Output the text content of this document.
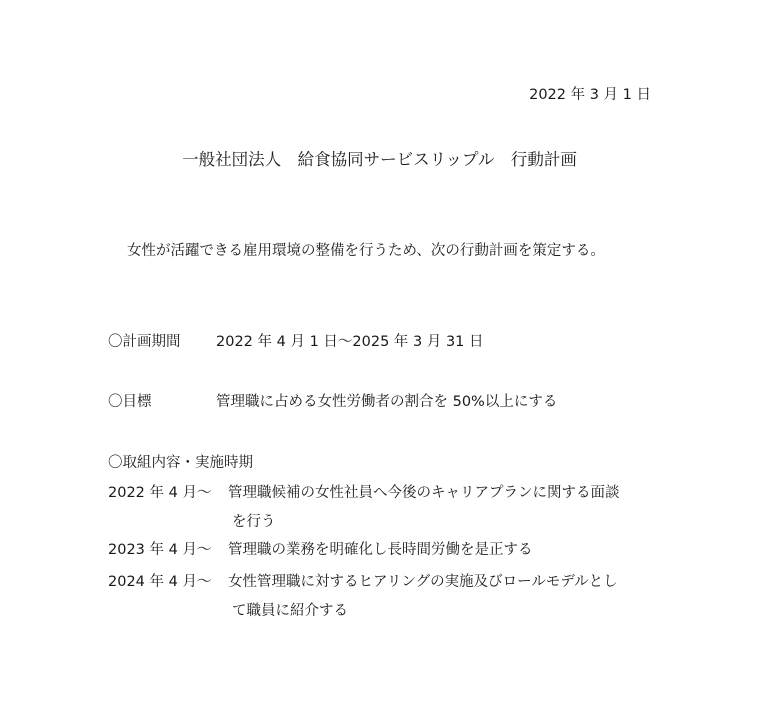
2022 年 3 月 1 日
一般社団法人　給食協同サービスリップル　行動計画
女性が活躍できる雇用環境の整備を行うため、次の行動計画を策定する。
〇計画期間 2022 年 4 月 1 日～2025 年 3 月 31 日
〇目標	管理職に占める女性労働者の割合を 50%以上にする
〇取組内容・実施時期
2022 年 4 月～ 管理職候補の女性社員へ今後のキャリアプランに関する面談
を行う
2023 年 4 月～ 管理職の業務を明確化し長時間労働を是正する
2024 年 4 月～ 女性管理職に対するヒアリングの実施及びロールモデルとし
て職員に紹介する
